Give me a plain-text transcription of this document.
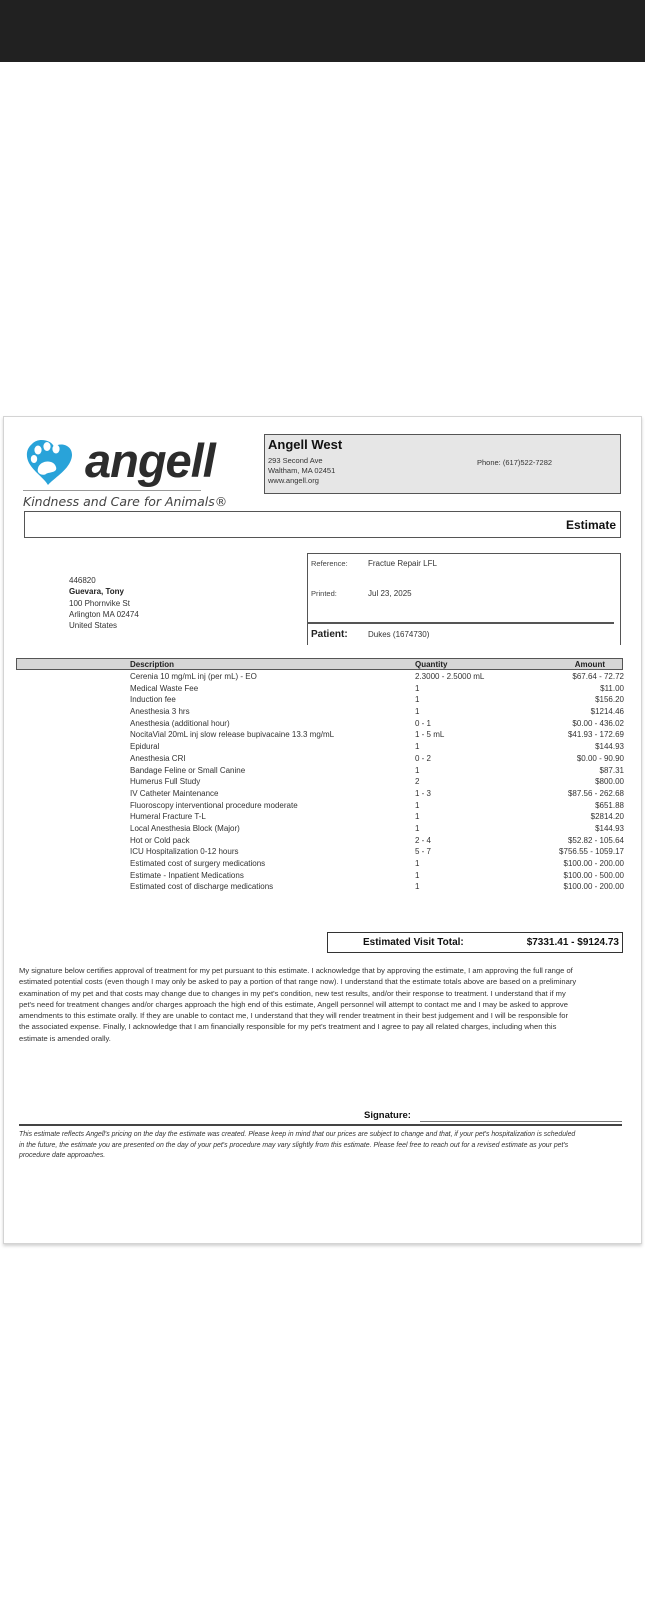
angell
Kindness and Care for Animals®
Angell West
293 Second Ave
Waltham, MA 02451
www.angell.org
Phone: (617)522-7282
Estimate
446820
Guevara, Tony
100 Phornvike St
Arlington MA 02474
United States
Reference:	Fractue Repair LFL
Printed:	Jul 23, 2025
Patient:	Dukes (1674730)
Description	Quantity	Amount
Cerenia 10 mg/mL inj (per mL) - EO	2.3000 - 2.5000 mL	$67.64 - 72.72
Medical Waste Fee	1	$11.00
Induction fee	1	$156.20
Anesthesia 3 hrs	1	$1214.46
Anesthesia (additional hour)	0 - 1	$0.00 - 436.02
NocitaVial 20mL inj slow release bupivacaine 13.3 mg/mL	1 - 5 mL	$41.93 - 172.69
Epidural	1	$144.93
Anesthesia CRI	0 - 2	$0.00 - 90.90
Bandage Feline or Small Canine	1	$87.31
Humerus Full Study	2	$800.00
IV Catheter Maintenance	1 - 3	$87.56 - 262.68
Fluoroscopy interventional procedure moderate	1	$651.88
Humeral Fracture T-L	1	$2814.20
Local Anesthesia Block (Major)	1	$144.93
Hot or Cold pack	2 - 4	$52.82 - 105.64
ICU Hospitalization 0-12 hours	5 - 7	$756.55 - 1059.17
Estimated cost of surgery medications	1	$100.00 - 200.00
Estimate - Inpatient Medications	1	$100.00 - 500.00
Estimated cost of discharge medications	1	$100.00 - 200.00
Estimated Visit Total:	$7331.41 - $9124.73
My signature below certifies approval of treatment for my pet pursuant to this estimate. I acknowledge that by approving the estimate, I am approving the full range of estimated potential costs (even though I may only be asked to pay a portion of that range now). I understand that the estimate totals above are based on a preliminary examination of my pet and that costs may change due to changes in my pet's condition, new test results, and/or their response to treatment. I understand that if my pet's need for treatment changes and/or charges approach the high end of this estimate, Angell personnel will attempt to contact me and I may be asked to approve amendments to this estimate orally. If they are unable to contact me, I understand that they will render treatment in their best judgement and I will be responsible for the associated expense. Finally, I acknowledge that I am financially responsible for my pet's treatment and I agree to pay all related charges, including when this estimate is amended orally.
Signature:
This estimate reflects Angell's pricing on the day the estimate was created. Please keep in mind that our prices are subject to change and that, if your pet's hospitalization is scheduled in the future, the estimate you are presented on the day of your pet's procedure may vary slightly from this estimate. Please feel free to reach out for a revised estimate as your pet's procedure date approaches.
